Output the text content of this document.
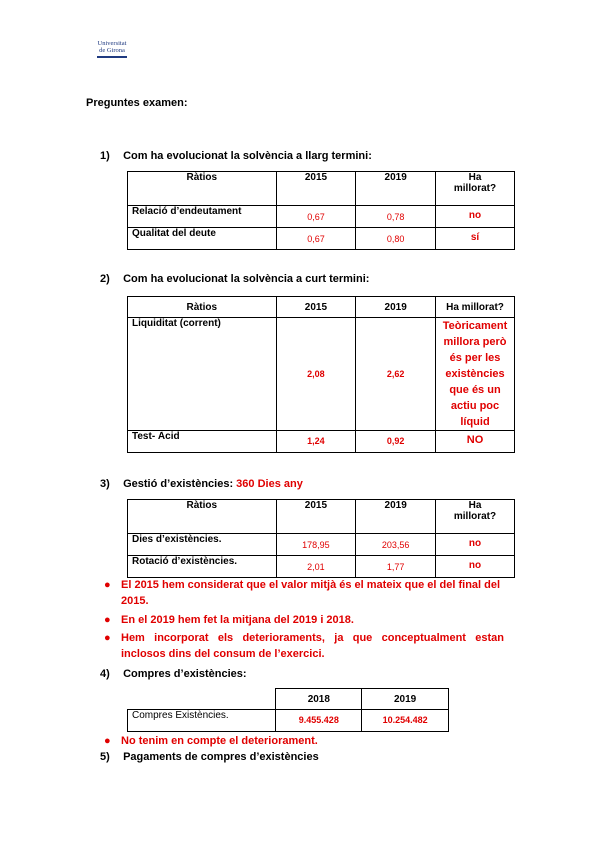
Universitat
de Girona
Preguntes examen:
1) Com ha evolucionat la solvència a llarg termini:
Ràtios	2015	2019	Ha millorat?
Relació d’endeutament	0,67	0,78	no
Qualitat del deute	0,67	0,80	sí
2) Com ha evolucionat la solvència a curt termini:
Ràtios	2015	2019	Ha millorat?
Liquiditat (corrent)	2,08	2,62	Teòricament millora però és per les existències que és un actiu poc líquid
Test- Àcid	1,24	0,92	NO
3) Gestió d’existències: 360 Dies any
Ràtios	2015	2019	Ha millorat?
Dies d’existències.	178,95	203,56	no
Rotació d’existències.	2,01	1,77	no
● El 2015 hem considerat que el valor mitjà és el mateix que el del final del 2015.
● En el 2019 hem fet la mitjana del 2019 i 2018.
● Hem incorporat els deterioraments, ja que conceptualment estan inclosos dins del consum de l’exercici.
4) Compres d’existències:
	2018	2019
Compres Existències.	9.455.428	10.254.482
● No tenim en compte el deteriorament.
5) Pagaments de compres d’existències
